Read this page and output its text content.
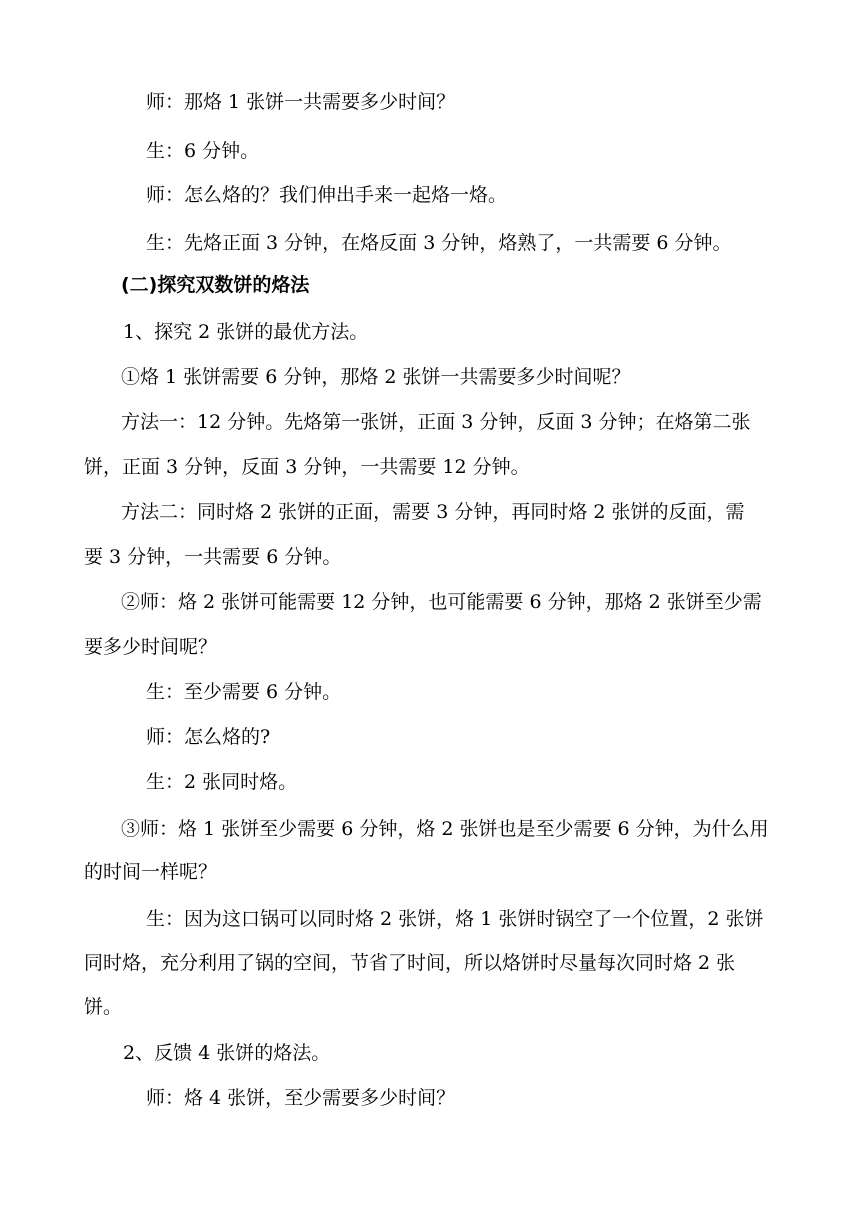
师：那烙 1 张饼一共需要多少时间？
生：6 分钟。
师：怎么烙的？我们伸出手来一起烙一烙。
生：先烙正面 3 分钟，在烙反面 3 分钟，烙熟了，一共需要 6 分钟。
(二)探究双数饼的烙法
1、探究 2 张饼的最优方法。
①烙 1 张饼需要 6 分钟，那烙 2 张饼一共需要多少时间呢？
方法一：12 分钟。先烙第一张饼，正面 3 分钟，反面 3 分钟；在烙第二张
饼，正面 3 分钟，反面 3 分钟，一共需要 12 分钟。
方法二：同时烙 2 张饼的正面，需要 3 分钟，再同时烙 2 张饼的反面，需
要 3 分钟，一共需要 6 分钟。
②师：烙 2 张饼可能需要 12 分钟，也可能需要 6 分钟，那烙 2 张饼至少需
要多少时间呢？
生：至少需要 6 分钟。
师：怎么烙的?
生：2 张同时烙。
③师：烙 1 张饼至少需要 6 分钟，烙 2 张饼也是至少需要 6 分钟，为什么用
的时间一样呢？
生：因为这口锅可以同时烙 2 张饼，烙 1 张饼时锅空了一个位置，2 张饼
同时烙，充分利用了锅的空间，节省了时间，所以烙饼时尽量每次同时烙 2 张
饼。
2、反馈 4 张饼的烙法。
师：烙 4 张饼，至少需要多少时间？
